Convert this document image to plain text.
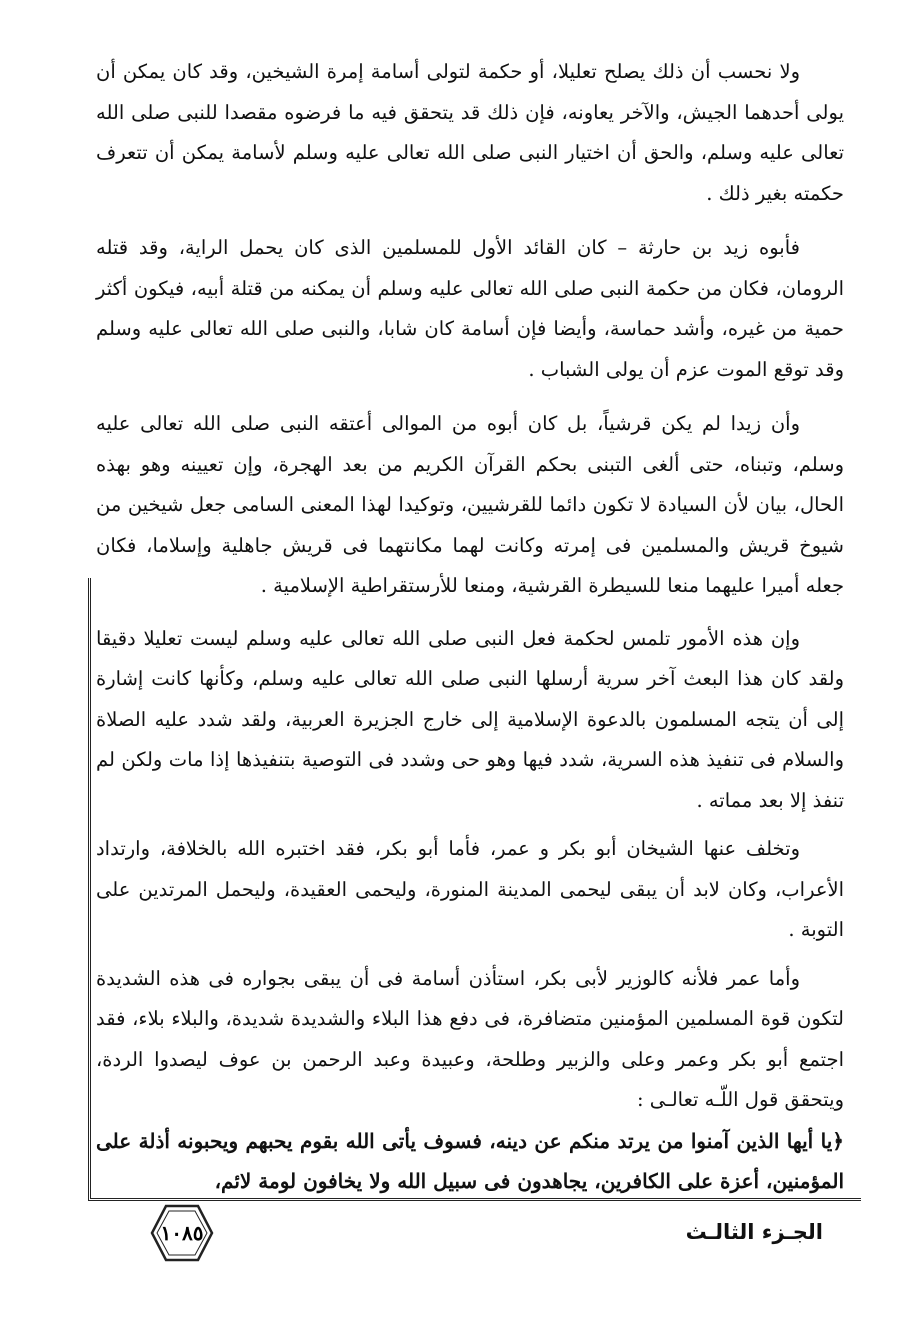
ولا نحسب أن ذلك يصلح تعليلا، أو حكمة لتولى أسامة إمرة الشيخين، وقد كان يمكن أن يولى أحدهما الجيش، والآخر يعاونه، فإن ذلك قد يتحقق فيه ما فرضوه مقصدا للنبى صلى الله تعالى عليه وسلم، والحق أن اختيار النبى صلى الله تعالى عليه وسلم لأسامة يمكن أن تتعرف حكمته بغير ذلك .

فأبوه زيد بن حارثة – كان القائد الأول للمسلمين الذى كان يحمل الراية، وقد قتله الرومان، فكان من حكمة النبى صلى الله تعالى عليه وسلم أن يمكنه من قتلة أبيه، فيكون أكثر حمية من غيره، وأشد حماسة، وأيضا فإن أسامة كان شابا، والنبى صلى الله تعالى عليه وسلم وقد توقع الموت عزم أن يولى الشباب .

وأن زيدا لم يكن قرشياً، بل كان أبوه من الموالى أعتقه النبى صلى الله تعالى عليه وسلم، وتبناه، حتى ألغى التبنى بحكم القرآن الكريم من بعد الهجرة، وإن تعيينه وهو بهذه الحال، بيان لأن السيادة لا تكون دائما للقرشيين، وتوكيدا لهذا المعنى السامى جعل شيخين من شيوخ قريش والمسلمين فى إمرته وكانت لهما مكانتهما فى قريش جاهلية وإسلاما، فكان جعله أميرا عليهما منعا للسيطرة القرشية، ومنعا للأرستقراطية الإسلامية .

وإن هذه الأمور تلمس لحكمة فعل النبى صلى الله تعالى عليه وسلم ليست تعليلا دقيقا ولقد كان هذا البعث آخر سرية أرسلها النبى صلى الله تعالى عليه وسلم، وكأنها كانت إشارة إلى أن يتجه المسلمون بالدعوة الإسلامية إلى خارج الجزيرة العربية، ولقد شدد عليه الصلاة والسلام فى تنفيذ هذه السرية، شدد فيها وهو حى وشدد فى التوصية بتنفيذها إذا مات ولكن لم تنفذ إلا بعد مماته .

وتخلف عنها الشيخان أبو بكر و عمر، فأما أبو بكر، فقد اختبره الله بالخلافة، وارتداد الأعراب، وكان لابد أن يبقى ليحمى المدينة المنورة، وليحمى العقيدة، وليحمل المرتدين على التوبة .

وأما عمر فلأنه كالوزير لأبى بكر، استأذن أسامة فى أن يبقى بجواره فى هذه الشديدة لتكون قوة المسلمين المؤمنين متضافرة، فى دفع هذا البلاء والشديدة شديدة، والبلاء بلاء، فقد اجتمع أبو بكر وعمر وعلى والزبير وطلحة، وعبيدة وعبد الرحمن بن عوف ليصدوا الردة، ويتحقق قول اللّـه تعالـى :

﴿يا أيها الذين آمنوا من يرتد منكم عن دينه، فسوف يأتى الله بقوم يحبهم ويحبونه أذلة على المؤمنين، أعزة على الكافرين، يجاهدون فى سبيل الله ولا يخافون لومة لائم،

الجـزء الثالـث
١٠٨٥
